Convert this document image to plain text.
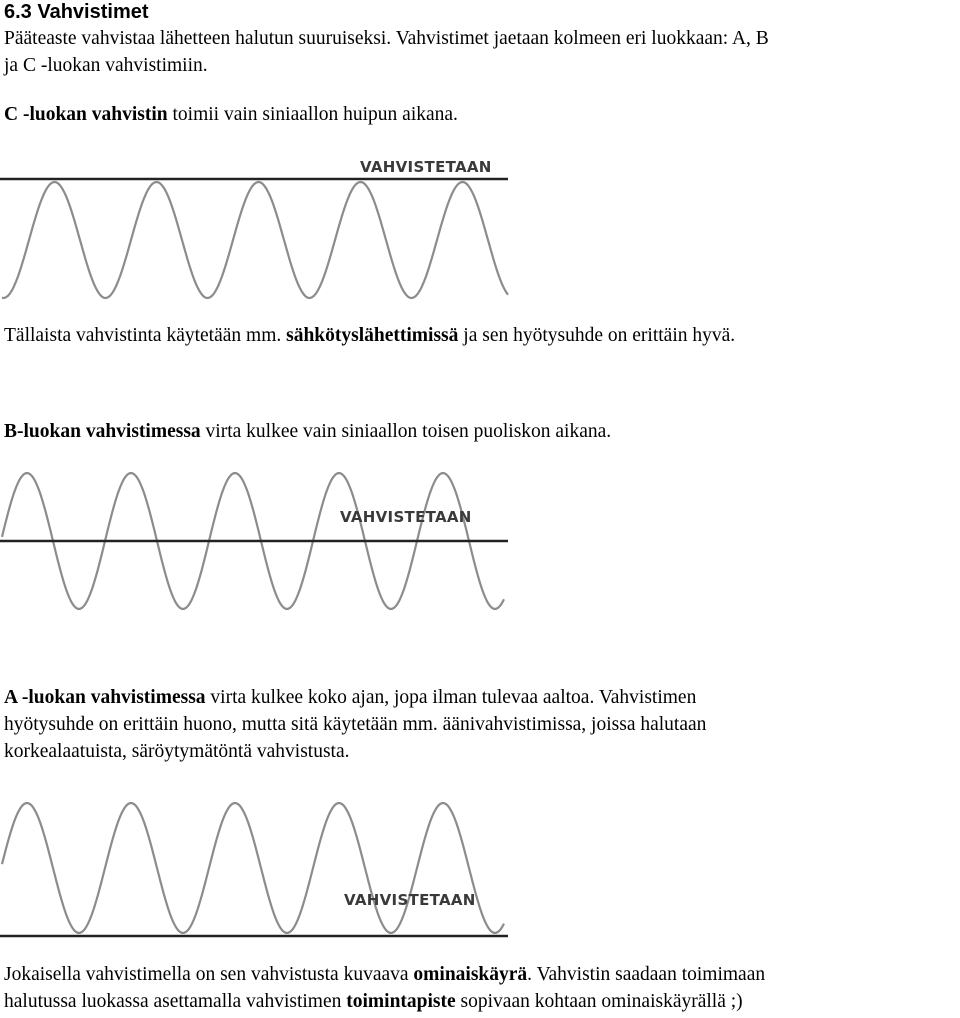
6.3 Vahvistimet

Pääteaste vahvistaa lähetteen halutun suuruiseksi. Vahvistimet jaetaan kolmeen eri luokkaan: A, B

ja C -luokan vahvistimiin.

C -luokan vahvistin toimii vain siniaallon huipun aikana.

VAHVISTETAAN

Tällaista vahvistinta käytetään mm. sähkötyslähettimissä ja sen hyötysuhde on erittäin hyvä.

B-luokan vahvistimessa virta kulkee vain siniaallon toisen puoliskon aikana.

VAHVISTETAAN

A -luokan vahvistimessa virta kulkee koko ajan, jopa ilman tulevaa aaltoa. Vahvistimen

hyötysuhde on erittäin huono, mutta sitä käytetään mm. äänivahvistimissa, joissa halutaan

korkealaatuista, säröytymätöntä vahvistusta.

VAHVISTETAAN

Jokaisella vahvistimella on sen vahvistusta kuvaava ominaiskäyrä. Vahvistin saadaan toimimaan

halutussa luokassa asettamalla vahvistimen toimintapiste sopivaan kohtaan ominaiskäyrällä ;)
